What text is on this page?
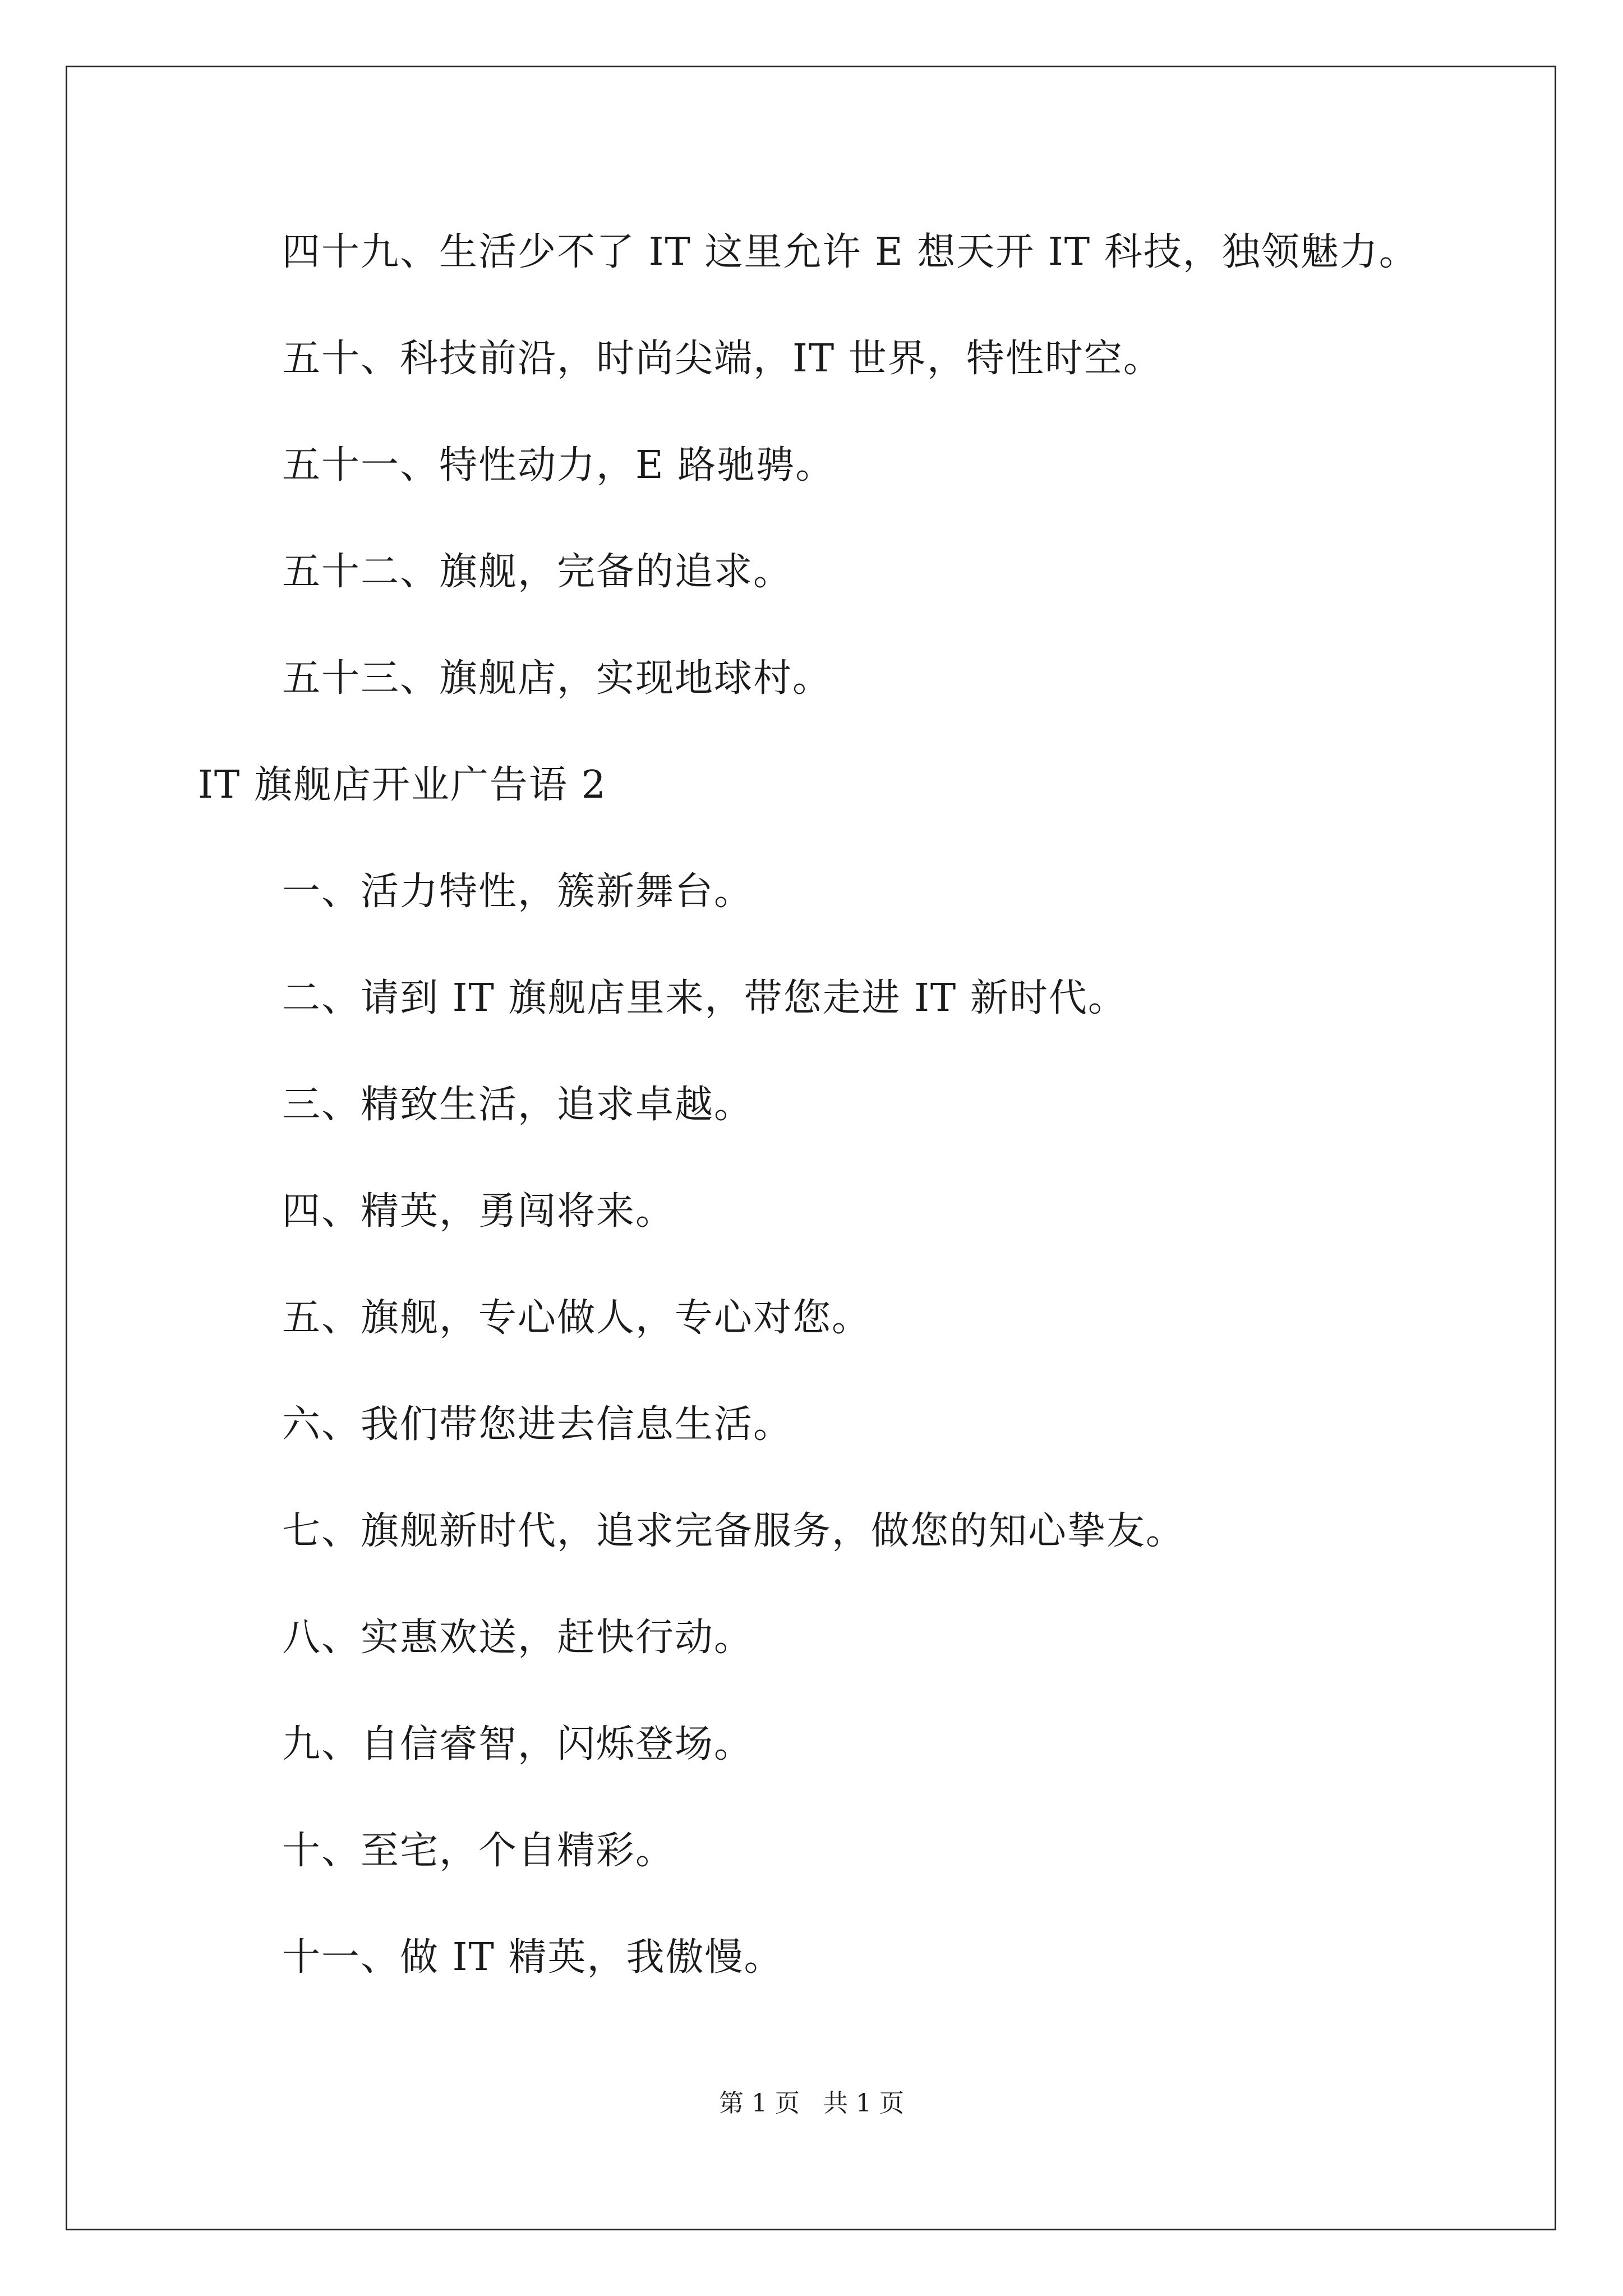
四十九、生活少不了 IT 这里允许 E 想天开 IT 科技，独领魅力。
五十、科技前沿，时尚尖端，IT 世界，特性时空。
五十一、特性动力，E 路驰骋。
五十二、旗舰，完备的追求。
五十三、旗舰店，实现地球村。
IT 旗舰店开业广告语 2
一、活力特性，簇新舞台。
二、请到 IT 旗舰店里来，带您走进 IT 新时代。
三、精致生活，追求卓越。
四、精英，勇闯将来。
五、旗舰，专心做人，专心对您。
六、我们带您进去信息生活。
七、旗舰新时代，追求完备服务，做您的知心挚友。
八、实惠欢送，赶快行动。
九、自信睿智，闪烁登场。
十、至宅，个自精彩。
十一、做 IT 精英，我傲慢。
第 1 页   共 1 页
